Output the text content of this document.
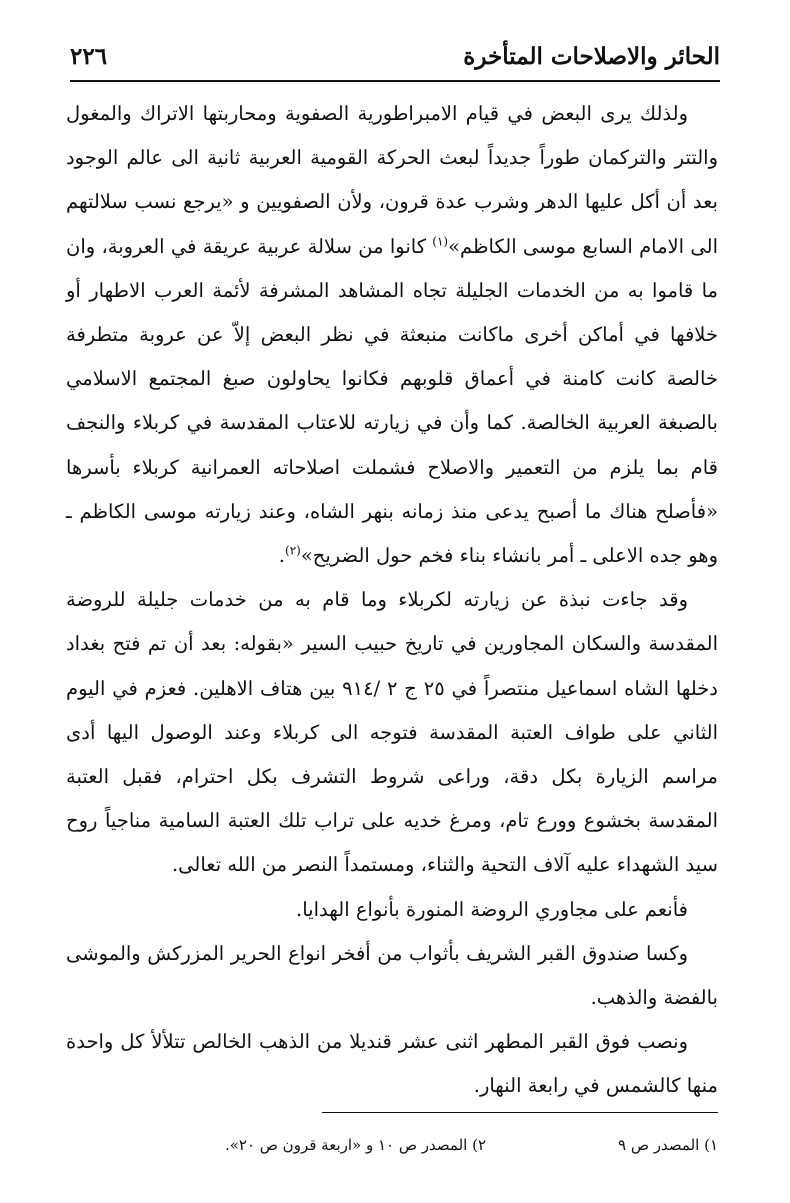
الحائر والاصلاحات المتأخرة
٢٢٦

ولذلك يرى البعض في قيام الامبراطورية الصفوية ومحاربتها الاتراك والمغول والتتر والتركمان طوراً جديداً لبعث الحركة القومية العربية ثانية الى عالم الوجود بعد أن أكل عليها الدهر وشرب عدة قرون، ولأن الصفويين و «يرجع نسب سلالتهم الى الامام السابع موسى الكاظم»$^{(١)}$ كانوا من سلالة عربية عريقة في العروبة، وان ما قاموا به من الخدمات الجليلة تجاه المشاهد المشرفة لأئمة العرب الاطهار أو خلافها في أماكن أخرى ماكانت منبعثة في نظر البعض إلاّ عن عروبة متطرفة خالصة كانت كامنة في أعماق قلوبهم فكانوا يحاولون صبغ المجتمع الاسلامي بالصبغة العربية الخالصة. كما وأن في زيارته للاعتاب المقدسة في كربلاء والنجف قام بما يلزم من التعمير والاصلاح فشملت اصلاحاته العمرانية كربلاء بأسرها «فأصلح هناك ما أصبح يدعى منذ زمانه بنهر الشاه، وعند زيارته موسى الكاظم ـ وهو جده الاعلى ـ أمر بانشاء بناء فخم حول الضريح»$^{(٢)}$.

وقد جاءت نبذة عن زيارته لكربلاء وما قام به من خدمات جليلة للروضة المقدسة والسكان المجاورين في تاريخ حبيب السير «بقوله: بعد أن تم فتح بغداد دخلها الشاه اسماعيل منتصراً في ٢٥ ج ٢ /٩١٤ بين هتاف الاهلين. فعزم في اليوم الثاني على طواف العتبة المقدسة فتوجه الى كربلاء وعند الوصول اليها أدى مراسم الزيارة بكل دقة، وراعى شروط التشرف بكل احترام، فقبل العتبة المقدسة بخشوع وورع تام، ومرغ خديه على تراب تلك العتبة السامية مناجياً روح سيد الشهداء عليه آلاف التحية والثناء، ومستمداً النصر من الله تعالى.

فأنعم على مجاوري الروضة المنورة بأنواع الهدايا.

وكسا صندوق القبر الشريف بأثواب من أفخر انواع الحرير المزركش والموشى بالفضة والذهب.

ونصب فوق القبر المطهر اثنى عشر قنديلا من الذهب الخالص تتلألأ كل واحدة منها كالشمس في رابعة النهار.

١) المصدر ص ٩
٢) المصدر ص ١٠ و «اربعة قرون ص ٢٠».
